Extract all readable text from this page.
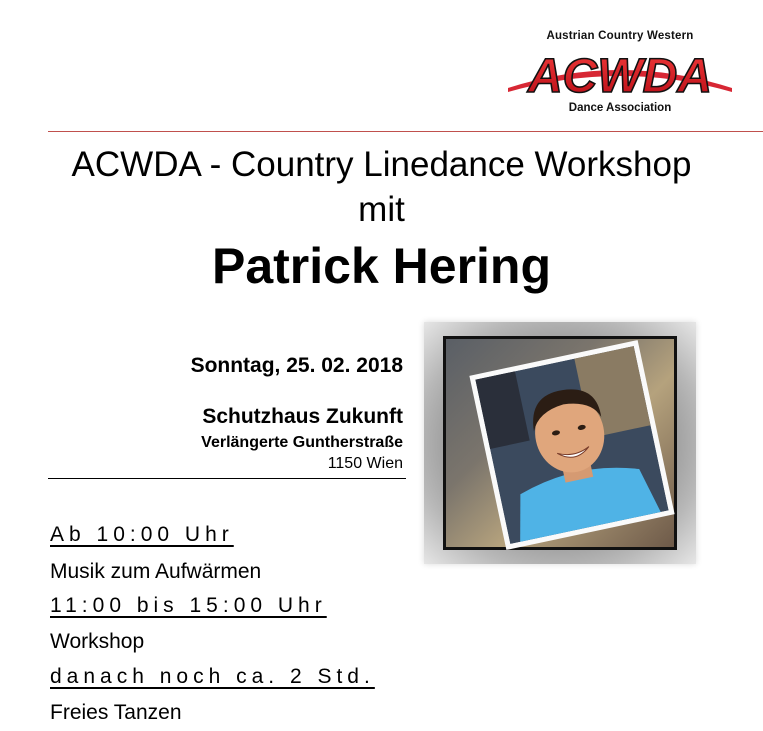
Austrian Country Western
ACWDA
Dance Association
ACWDA - Country Linedance Workshop
mit
Patrick Hering
Sonntag, 25. 02. 2018
Schutzhaus Zukunft
Verlängerte Guntherstraße
1150 Wien
Ab 10:00 Uhr
Musik zum Aufwärmen
11:00 bis 15:00 Uhr
Workshop
danach noch ca. 2 Std.
Freies Tanzen
